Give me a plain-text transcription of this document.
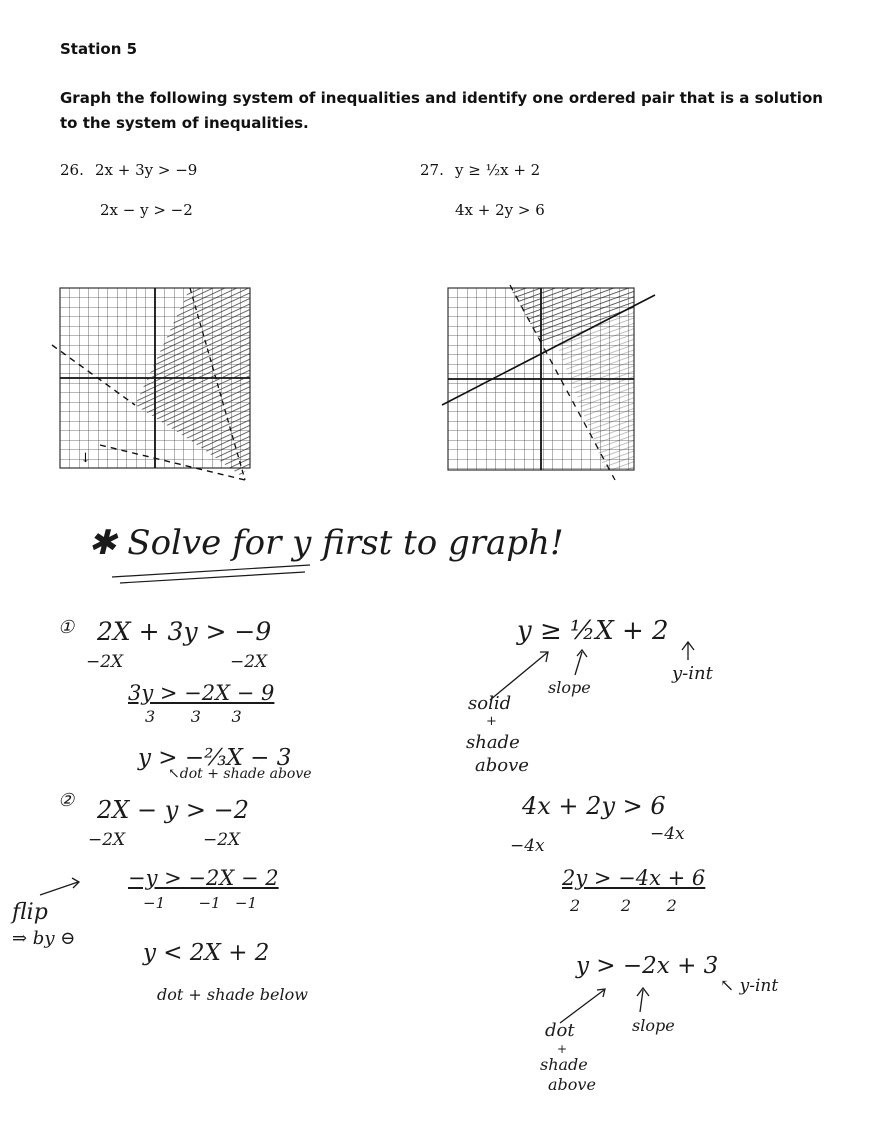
Station 5
Graph the following system of inequalities and identify one ordered pair that is a solution to the system of inequalities.
26. 2x + 3y > −9
2x − y > −2
27. y ≥ ½x + 2
4x + 2y > 6
↓
✱ Solve for y first to graph!
① 2X + 3y > −9
−2X	−2X
3y > −2X − 9
3       3      3
y > −⅔X − 3
↖dot + shade above
② 2X − y > −2
−2X	−2X
−y > −2X − 2
−1       −1   −1
flip
⇒ by ⊖
y < 2X + 2
dot + shade below
y ≥ ½X + 2
solid
+
shade
above
slope
y-int
4x + 2y > 6
−4x
−4x
2y > −4x + 6
2        2       2
y > −2x + 3
↖ y-int
dot
+
shade
above
slope
